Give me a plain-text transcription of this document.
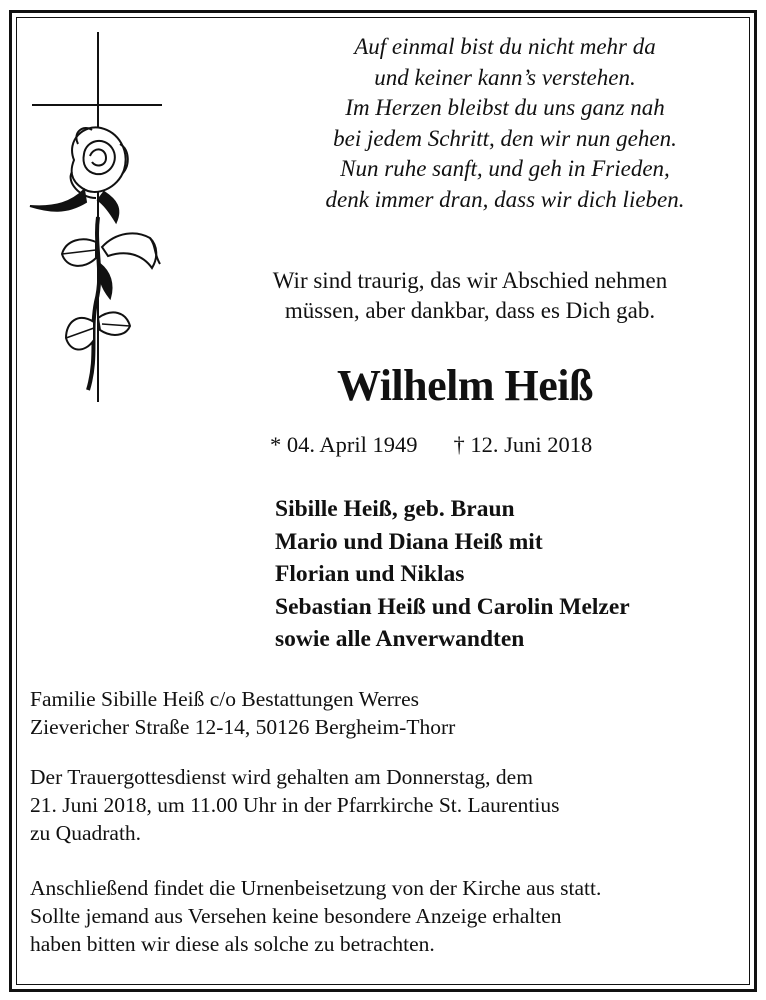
Auf einmal bist du nicht mehr da
und keiner kann’s verstehen.
Im Herzen bleibst du uns ganz nah
bei jedem Schritt, den wir nun gehen.
Nun ruhe sanft, und geh in Frieden,
denk immer dran, dass wir dich lieben.
Wir sind traurig, das wir Abschied nehmen
müssen, aber dankbar, dass es Dich gab.
Wilhelm Heiß
* 04. April 1949 † 12. Juni 2018
Sibille Heiß, geb. Braun
Mario und Diana Heiß mit
Florian und Niklas
Sebastian Heiß und Carolin Melzer
sowie alle Anverwandten
Familie Sibille Heiß c/o Bestattungen Werres
Zievericher Straße 12-14, 50126 Bergheim-Thorr
Der Trauergottesdienst wird gehalten am Donnerstag, dem
21. Juni 2018, um 11.00 Uhr in der Pfarrkirche St. Laurentius
zu Quadrath.
Anschließend findet die Urnenbeisetzung von der Kirche aus statt.
Sollte jemand aus Versehen keine besondere Anzeige erhalten
haben bitten wir diese als solche zu betrachten.
